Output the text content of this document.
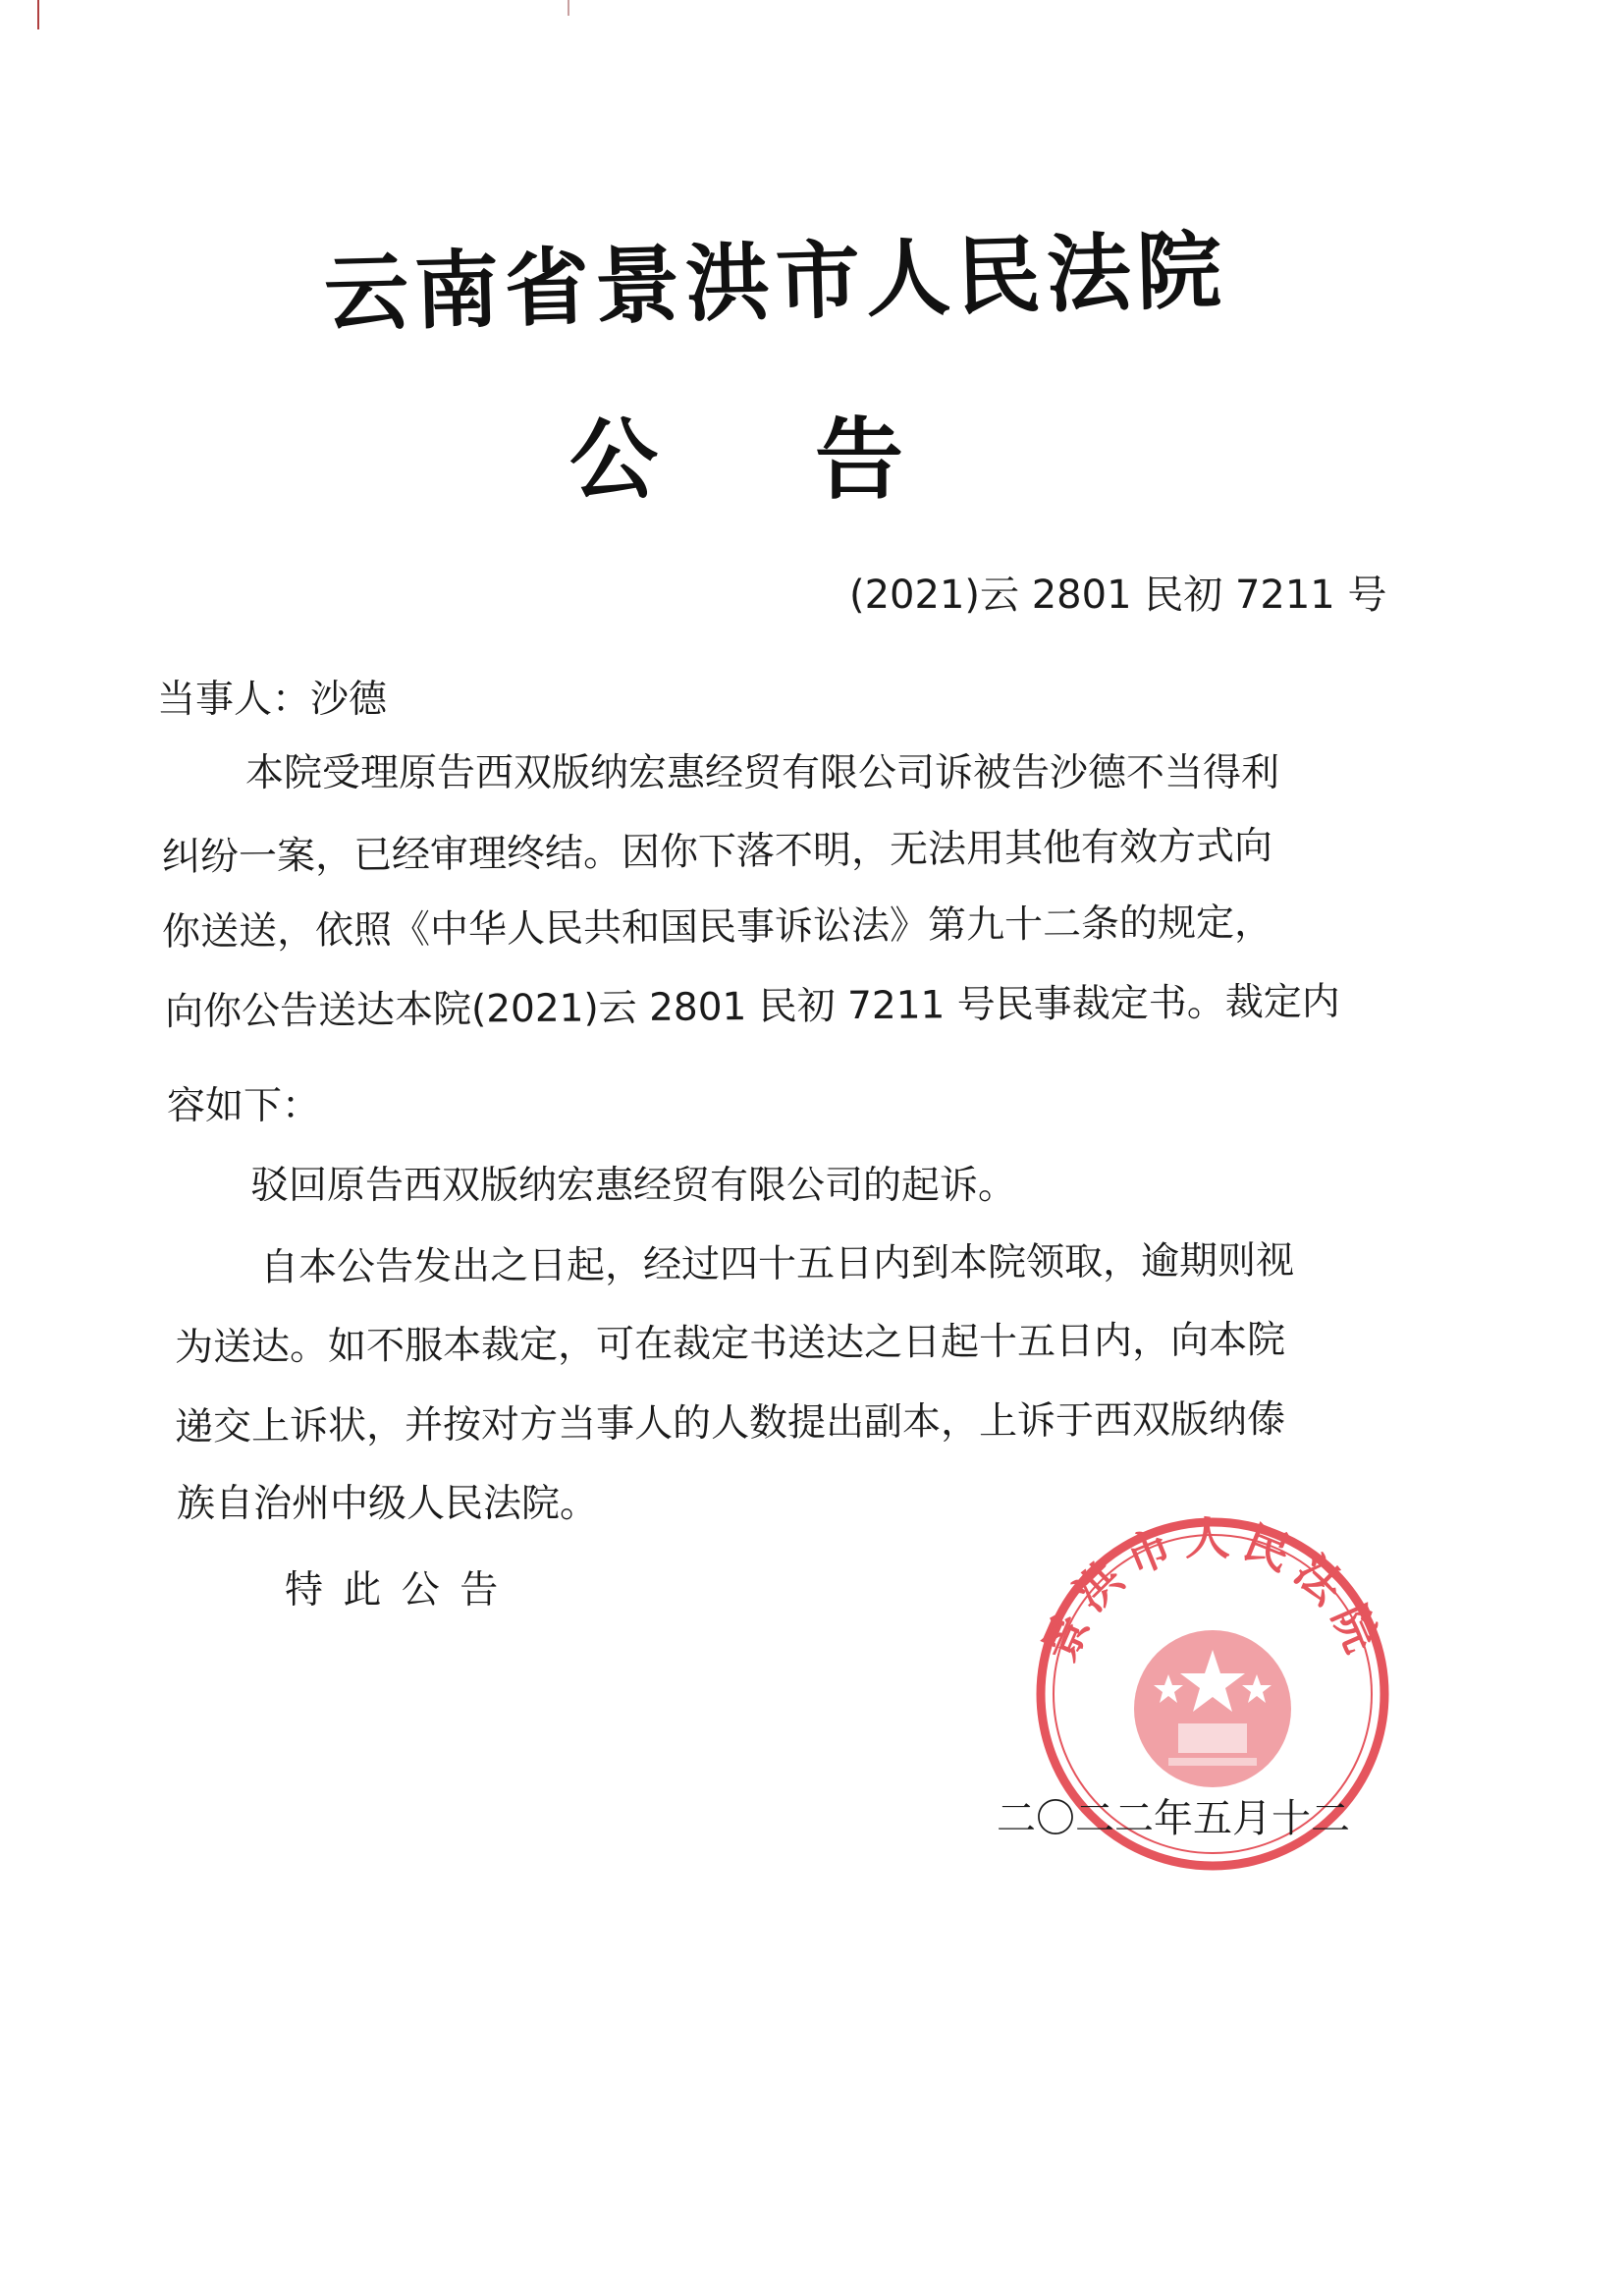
云南省景洪市人民法院
公 告
(2021)云 2801 民初 7211 号
当事人：沙德
本院受理原告西双版纳宏惠经贸有限公司诉被告沙德不当得利
纠纷一案，已经审理终结。因你下落不明，无法用其他有效方式向
你送送，依照《中华人民共和国民事诉讼法》第九十二条的规定，
向你公告送达本院(2021)云 2801 民初 7211 号民事裁定书。裁定内
容如下：
驳回原告西双版纳宏惠经贸有限公司的起诉。
自本公告发出之日起，经过四十五日内到本院领取，逾期则视
为送达。如不服本裁定，可在裁定书送达之日起十五日内，向本院
递交上诉状，并按对方当事人的人数提出副本，上诉于西双版纳傣
族自治州中级人民法院。
特 此 公 告
景洪市人民法院
二〇二二年五月十二
